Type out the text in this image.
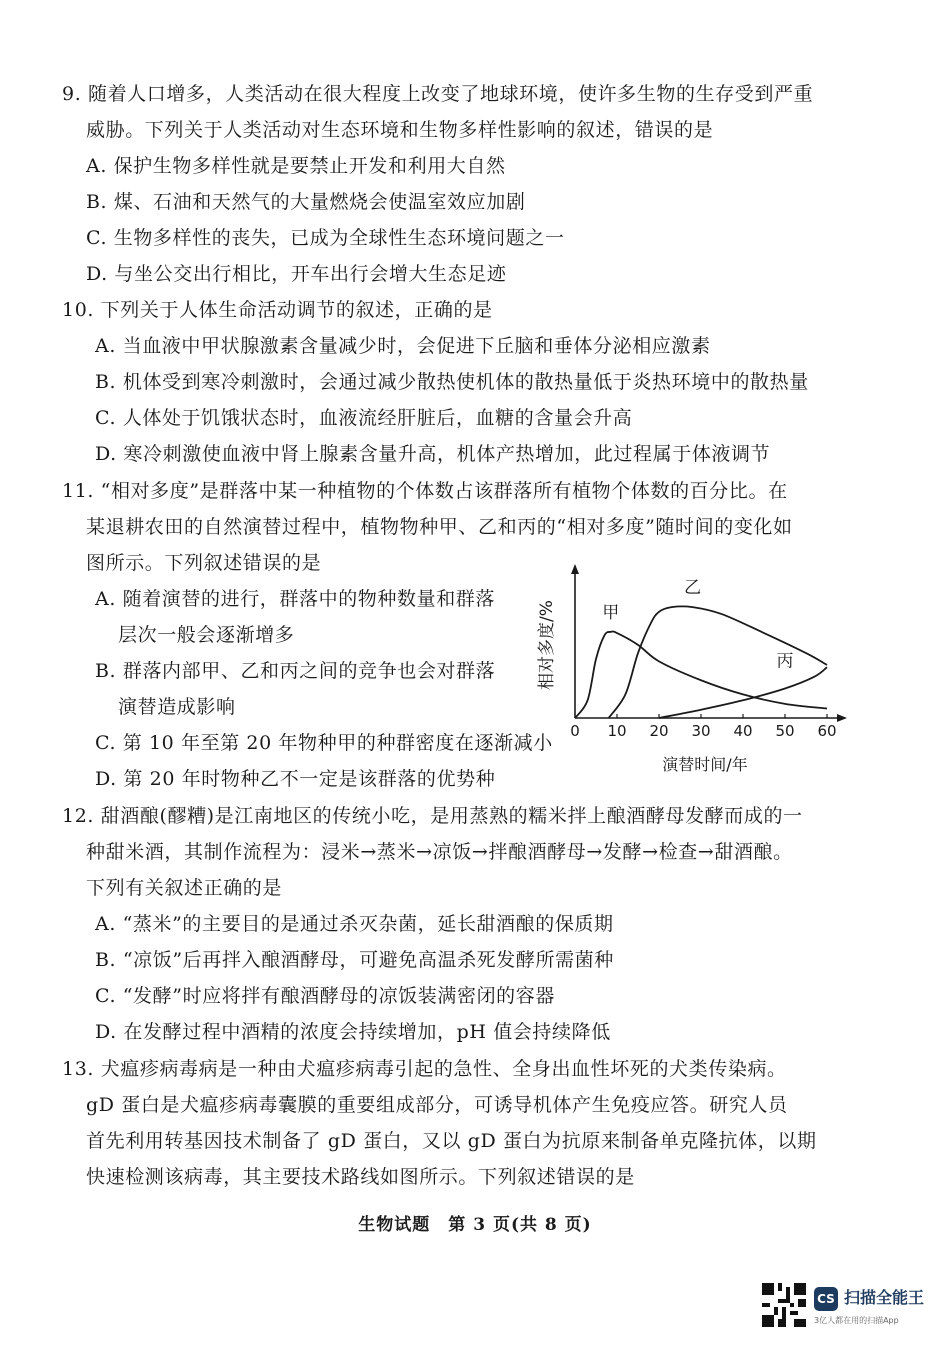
9. 随着人口增多，人类活动在很大程度上改变了地球环境，使许多生物的生存受到严重
威胁。下列关于人类活动对生态环境和生物多样性影响的叙述，错误的是
A. 保护生物多样性就是要禁止开发和利用大自然
B. 煤、石油和天然气的大量燃烧会使温室效应加剧
C. 生物多样性的丧失，已成为全球性生态环境问题之一
D. 与坐公交出行相比，开车出行会增大生态足迹
10. 下列关于人体生命活动调节的叙述，正确的是
A. 当血液中甲状腺激素含量减少时，会促进下丘脑和垂体分泌相应激素
B. 机体受到寒冷刺激时，会通过减少散热使机体的散热量低于炎热环境中的散热量
C. 人体处于饥饿状态时，血液流经肝脏后，血糖的含量会升高
D. 寒冷刺激使血液中肾上腺素含量升高，机体产热增加，此过程属于体液调节
11. “相对多度”是群落中某一种植物的个体数占该群落所有植物个体数的百分比。在
某退耕农田的自然演替过程中，植物物种甲、乙和丙的“相对多度”随时间的变化如
图所示。下列叙述错误的是
A. 随着演替的进行，群落中的物种数量和群落
层次一般会逐渐增多
B. 群落内部甲、乙和丙之间的竞争也会对群落
演替造成影响
C. 第 10 年至第 20 年物种甲的种群密度在逐渐减小
D. 第 20 年时物种乙不一定是该群落的优势种
相对多度/%
演替时间/年
0 10 20 30 40 50 60
甲
乙
丙
12. 甜酒酿(醪糟)是江南地区的传统小吃，是用蒸熟的糯米拌上酿酒酵母发酵而成的一
种甜米酒，其制作流程为：浸米→蒸米→凉饭→拌酿酒酵母→发酵→检查→甜酒酿。
下列有关叙述正确的是
A. “蒸米”的主要目的是通过杀灭杂菌，延长甜酒酿的保质期
B. “凉饭”后再拌入酿酒酵母，可避免高温杀死发酵所需菌种
C. “发酵”时应将拌有酿酒酵母的凉饭装满密闭的容器
D. 在发酵过程中酒精的浓度会持续增加，pH 值会持续降低
13. 犬瘟疹病毒病是一种由犬瘟疹病毒引起的急性、全身出血性坏死的犬类传染病。
gD 蛋白是犬瘟疹病毒囊膜的重要组成部分，可诱导机体产生免疫应答。研究人员
首先利用转基因技术制备了 gD 蛋白，又以 gD 蛋白为抗原来制备单克隆抗体，以期
快速检测该病毒，其主要技术路线如图所示。下列叙述错误的是
生物试题　第 3 页(共 8 页)
CS 扫描全能王
3亿人都在用的扫描App
